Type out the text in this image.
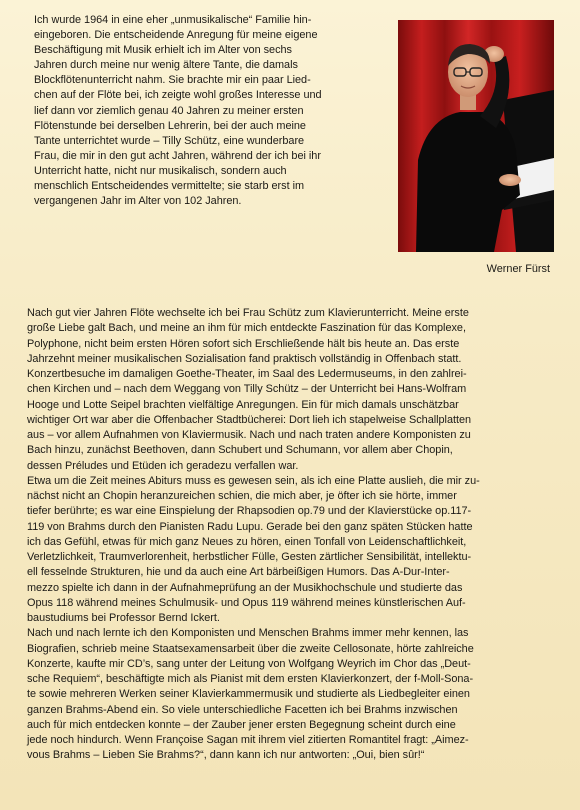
Ich wurde 1964 in eine eher „unmusikalische“ Familie hin-
eingeboren. Die entscheidende Anregung für meine eigene
Beschäftigung mit Musik erhielt ich im Alter von sechs
Jahren durch meine nur wenig ältere Tante, die damals
Blockflötenunterricht nahm. Sie brachte mir ein paar Lied-
chen auf der Flöte bei, ich zeigte wohl großes Interesse und
lief dann vor ziemlich genau 40 Jahren zu meiner ersten
Flötenstunde bei derselben Lehrerin, bei der auch meine
Tante unterrichtet wurde – Tilly Schütz, eine wunderbare
Frau, die mir in den gut acht Jahren, während der ich bei ihr
Unterricht hatte, nicht nur musikalisch, sondern auch
menschlich Entscheidendes vermittelte; sie starb erst im
vergangenen Jahr im Alter von 102 Jahren.
Werner Fürst
Nach gut vier Jahren Flöte wechselte ich bei Frau Schütz zum Klavierunterricht. Meine erste
große Liebe galt Bach, und meine an ihm für mich entdeckte Faszination für das Komplexe,
Polyphone, nicht beim ersten Hören sofort sich Erschließende hält bis heute an. Das erste
Jahrzehnt meiner musikalischen Sozialisation fand praktisch vollständig in Offenbach statt.
Konzertbesuche im damaligen Goethe-Theater, im Saal des Ledermuseums, in den zahlrei-
chen Kirchen und – nach dem Weggang von Tilly Schütz – der Unterricht bei Hans-Wolfram
Hooge und Lotte Seipel brachten vielfältige Anregungen. Ein für mich damals unschätzbar
wichtiger Ort war aber die Offenbacher Stadtbücherei: Dort lieh ich stapelweise Schallplatten
aus – vor allem Aufnahmen von Klaviermusik. Nach und nach traten andere Komponisten zu
Bach hinzu, zunächst Beethoven, dann Schubert und Schumann, vor allem aber Chopin,
dessen Préludes und Etüden ich geradezu verfallen war.
Etwa um die Zeit meines Abiturs muss es gewesen sein, als ich eine Platte auslieh, die mir zu-
nächst nicht an Chopin heranzureichen schien, die mich aber, je öfter ich sie hörte, immer
tiefer berührte; es war eine Einspielung der Rhapsodien op.79 und der Klavierstücke op.117-
119 von Brahms durch den Pianisten Radu Lupu. Gerade bei den ganz späten Stücken hatte
ich das Gefühl, etwas für mich ganz Neues zu hören, einen Tonfall von Leidenschaftlichkeit,
Verletzlichkeit, Traumverlorenheit, herbstlicher Fülle, Gesten zärtlicher Sensibilität, intellektu-
ell fesselnde Strukturen, hie und da auch eine Art bärbeißigen Humors. Das A-Dur-Inter-
mezzo spielte ich dann in der Aufnahmeprüfung an der Musikhochschule und studierte das
Opus 118 während meines Schulmusik- und Opus 119 während meines künstlerischen Auf-
baustudiums bei Professor Bernd Ickert.
Nach und nach lernte ich den Komponisten und Menschen Brahms immer mehr kennen, las
Biografien, schrieb meine Staatsexamensarbeit über die zweite Cellosonate, hörte zahlreiche
Konzerte, kaufte mir CD’s, sang unter der Leitung von Wolfgang Weyrich im Chor das „Deut-
sche Requiem“, beschäftigte mich als Pianist mit dem ersten Klavierkonzert, der f-Moll-Sona-
te sowie mehreren Werken seiner Klavierkammermusik und studierte als Liedbegleiter einen
ganzen Brahms-Abend ein. So viele unterschiedliche Facetten ich bei Brahms inzwischen
auch für mich entdecken konnte – der Zauber jener ersten Begegnung scheint durch eine
jede noch hindurch. Wenn Françoise Sagan mit ihrem viel zitierten Romantitel fragt: „Aimez-
vous Brahms – Lieben Sie Brahms?“, dann kann ich nur antworten: „Oui, bien sûr!“
